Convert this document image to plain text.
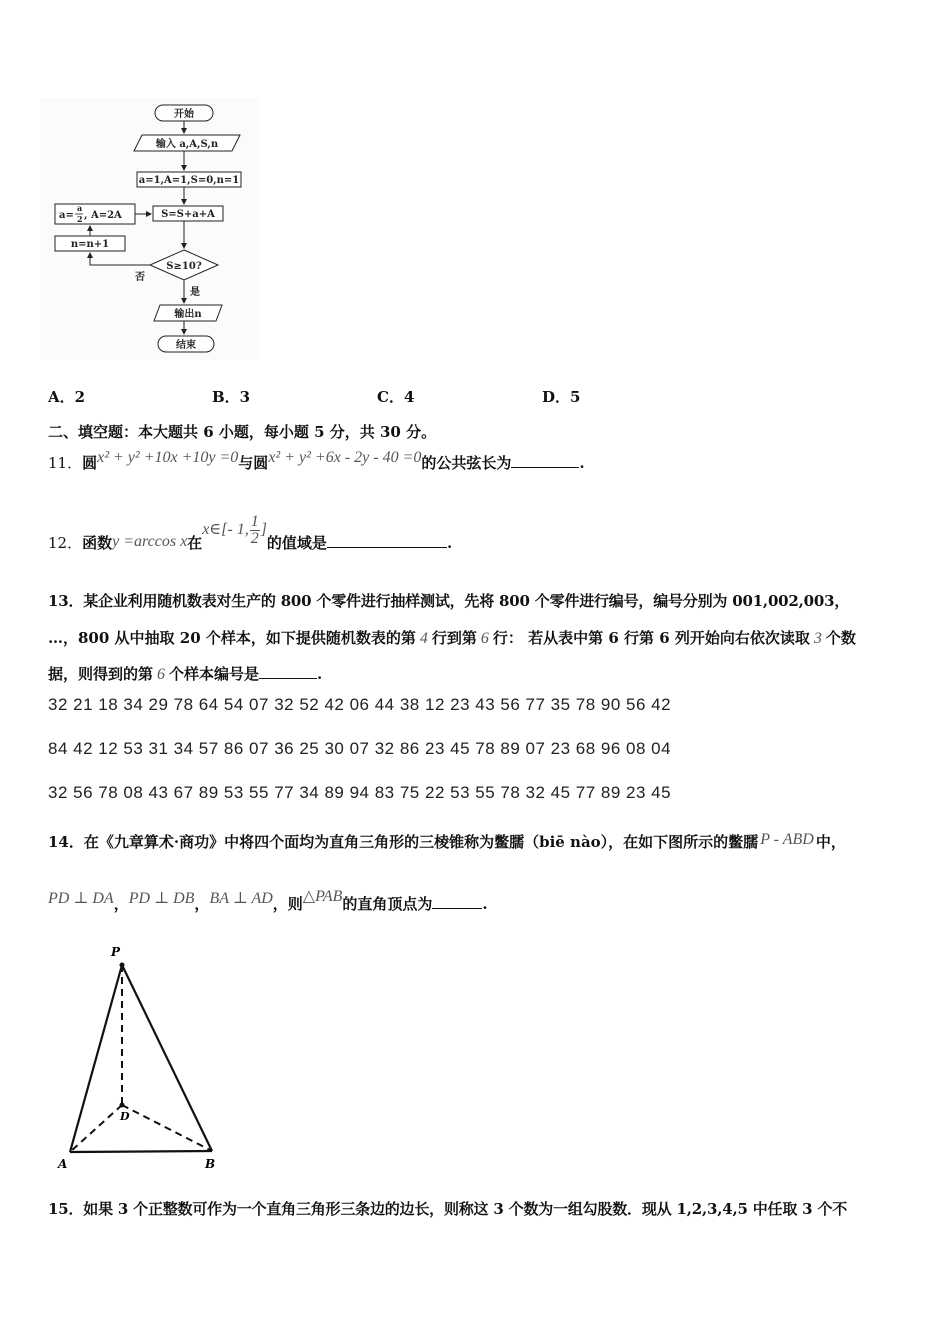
开始
输入 a,A,S,n
a=1,A=1,S=0,n=1
S=S+a+A
a=
a
2 , A=2A
n=n+1
S≥10?
否
是
输出n
结束
A．2	B．3	C．4	D．5
二、填空题：本大题共 6 小题，每小题 5 分，共 30 分。
11．圆x² + y² +10x +10y =0与圆x² + y² +6x - 2y - 40 =0的公共弦长为	.
12．函数y =arccos x在x∈[- 1, $\frac{1}{2}$ ]的值域是	.
13．某企业利用随机数表对生产的 800 个零件进行抽样测试，先将 800 个零件进行编号，编号分别为 001,002,003，
…，800 从中抽取 20 个样本，如下提供随机数表的第 4 行到第 6 行： 若从表中第 6 行第 6 列开始向右依次读取 3 个数
据，则得到的第 6 个样本编号是	.
32 21 18 34 29 78 64 54 07 32 52 42 06 44 38 12 23 43 56 77 35 78 90 56 42
84 42 12 53 31 34 57 86 07 36 25 30 07 32 86 23 45 78 89 07 23 68 96 08 04
32 56 78 08 43 67 89 53 55 77 34 89 94 83 75 22 53 55 78 32 45 77 89 23 45
14．在《九章算术·商功》中将四个面均为直角三角形的三棱锥称为鳖臑（biē nào），在如下图所示的鳖臑 P - ABD 中，
PD ⊥ DA，PD ⊥ DB，BA ⊥ AD，则△PAB的直角顶点为	.
P
D
A	B
15．如果 3 个正整数可作为一个直角三角形三条边的边长，则称这 3 个数为一组勾股数．现从 1,2,3,4,5 中任取 3 个不
